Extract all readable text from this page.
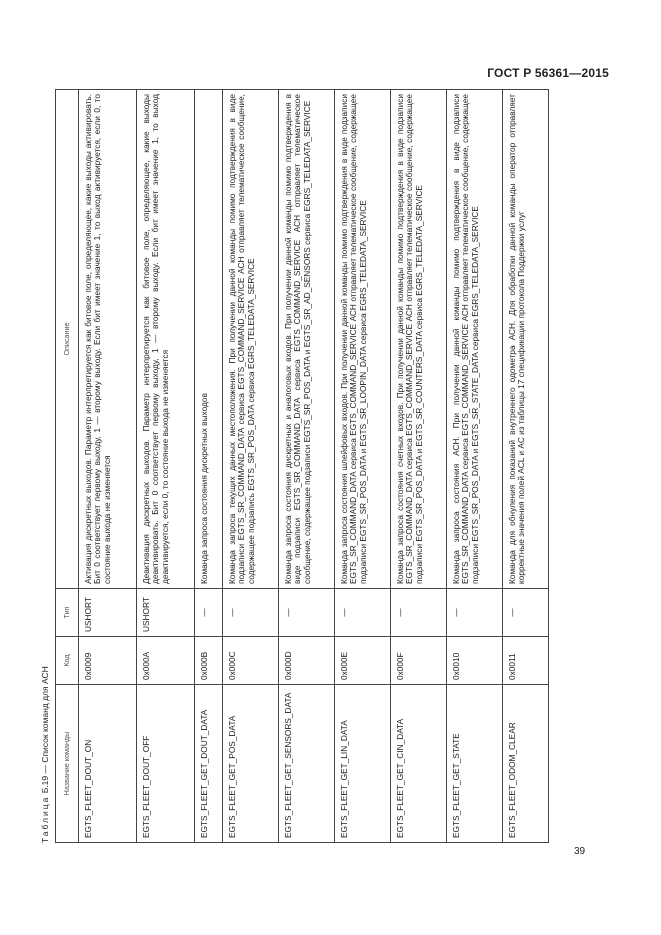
ГОСТ Р 56361—2015
Таблица Б.19 — Список команд для АСН Название команды	Код	Тип	Описание
EGTS_FLEET_DOUT_ON	0x0009	USHORT	Активация дискретных выходов. Параметр интерпретируется как битовое поле, определяющее, какие выходы активировать. Бит 0 соответствует первому выходу, 1 — второму выходу. Если бит имеет значение 1, то выход активируется, если 0, то состояние выхода не изменяется
EGTS_FLEET_DOUT_OFF	0x000A	USHORT	Деактивация дискретных выходов. Параметр интерпретируется как битовое поле, определяющее, какие выходы деактивировать. Бит 0 соответствует первому выходу, 1 — второму выходу. Если бит имеет значение 1, то выход деактивируется, если 0, то состояние выхода не изменяется
EGTS_FLEET_GET_DOUT_DATA	0x000B	—	Команда запроса состояния дискретных выходов
EGTS_FLEET_GET_POS_DATA	0x000C	—	Команда запроса текущих данных местоположения. При получении данной команды помимо подтверждения в виде подзаписи EGTS_SR_COMMAND_DATA сервиса EGTS_COMMAND_SERVICE АСН отправляет телематическое сообщение, содержащее подзапись EGTS_SR_POS_DATA сервиса EGRS_TELEDATA_SERVICE
EGTS_FLEET_GET_SENSORS_DATA	0x000D	—	Команда запроса состояния дискретных и аналоговых входов. При получении данной команды помимо подтверждения в виде подзаписи EGTS_SR_COMMAND_DATA сервиса EGTS_COMMAND_SERVICE АСН отправляет телематическое сообщение, содержащее подзаписи EGTS_SR_POS_DATA и EGTS_SR_AD_SENSORS сервиса EGRS_TELEDATA_SERVICE
EGTS_FLEET_GET_LIN_DATA	0x000E	—	Команда запроса состояния шлейфовых входов. При получении данной команды помимо подтверждения в виде подзаписи EGTS_SR_COMMAND_DATA сервиса EGTS_COMMAND_SERVICE АСН отправляет телематическое сообщение, содержащее подзаписи EGTS_SR_POS_DATA и EGTS_SR_LOOPIN_DATA сервиса EGRS_TELEDATA_SERVICE
EGTS_FLEET_GET_CIN_DATA	0x000F	—	Команда запроса состояния счетных входов. При получении данной команды помимо подтверждения в виде подзаписи EGTS_SR_COMMAND_DATA сервиса EGTS_COMMAND_SERVICE АСН отправляет телематическое сообщение, содержащее подзаписи EGTS_SR_POS_DATA и EGTS_SR_COUNTERS_DATA сервиса EGRS_TELEDATA_SERVICE
EGTS_FLEET_GET_STATE	0x0010	—	Команда запроса состояния АСН. При получении данной команды помимо подтверждения в виде подзаписи EGTS_SR_COMMAND_DATA сервиса EGTS_COMMAND_SERVICE АСН отправляет телематическое сообщение, содержащее подзаписи EGTS_SR_POS_DATA и EGTS_SR_STATE_DATA сервиса EGRS_TELEDATA_SERVICE
EGTS_FLEET_ODOM_CLEAR	0x0011	—	Команда для обнуления показаний внутреннего одометра АСН. Для обработки данной команды оператор отправляет корректные значения полей ACL и AC из таблицы 17 спецификации протокола Поддержки услуг
39
